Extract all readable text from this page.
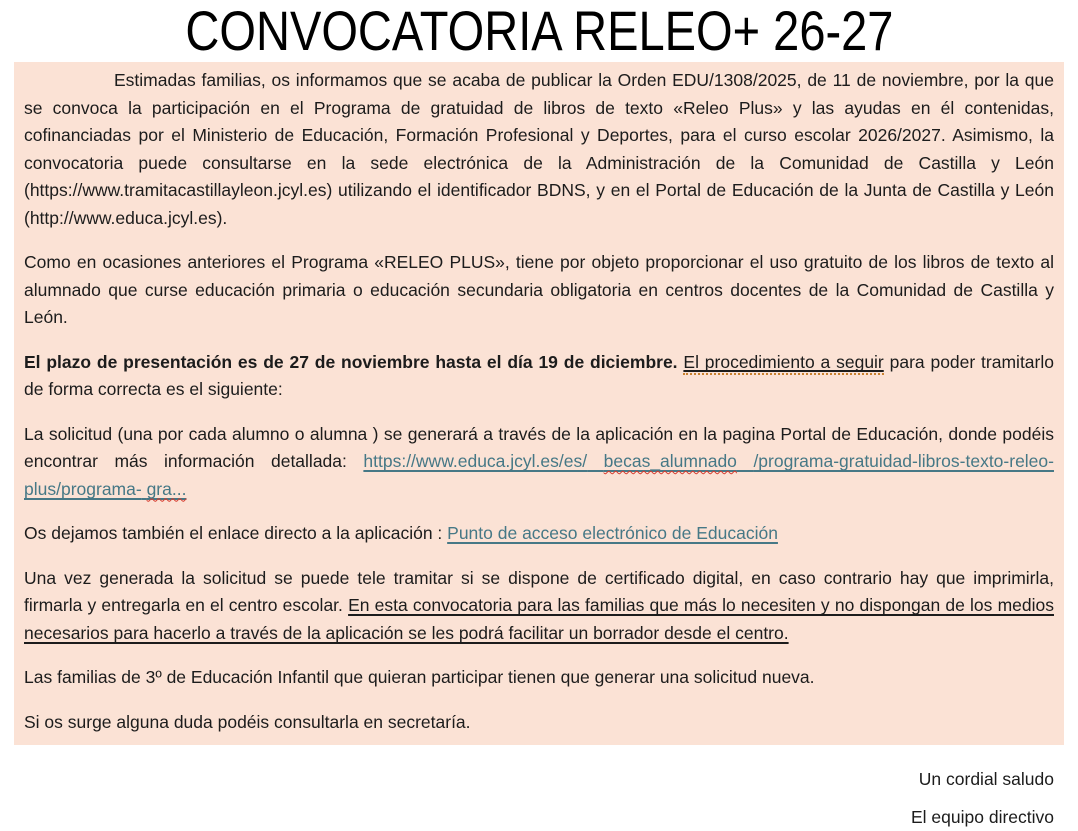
CONVOCATORIA RELEO+ 26-27

Estimadas familias, os informamos que se acaba de publicar la Orden EDU/1308/2025, de 11 de noviembre, por la que se convoca la participación en el Programa de gratuidad de libros de texto «Releo Plus» y las ayudas en él contenidas, cofinanciadas por el Ministerio de Educación, Formación Profesional y Deportes, para el curso escolar 2026/2027. Asimismo, la convocatoria puede consultarse en la sede electrónica de la Administración de la Comunidad de Castilla y León (https://www.tramitacastillayleon.jcyl.es) utilizando el identificador BDNS, y en el Portal de Educación de la Junta de Castilla y León (http://www.educa.jcyl.es).

Como en ocasiones anteriores el Programa «RELEO PLUS», tiene por objeto proporcionar el uso gratuito de los libros de texto al alumnado que curse educación primaria o educación secundaria obligatoria en centros docentes de la Comunidad de Castilla y León.

El plazo de presentación es de 27 de noviembre hasta el día 19 de diciembre. El procedimiento a seguir para poder tramitarlo de forma correcta es el siguiente:

La solicitud (una por cada alumno o alumna ) se generará a través de la aplicación en la pagina Portal de Educación, donde podéis encontrar más información detallada: https://www.educa.jcyl.es/es/ becas_alumnado /programa-gratuidad-libros-texto-releo-plus/programa- gra...

Os dejamos también el enlace directo a la aplicación : Punto de acceso electrónico de Educación

Una vez generada la solicitud se puede tele tramitar si se dispone de certificado digital, en caso contrario hay que imprimirla, firmarla y entregarla en el centro escolar. En esta convocatoria para las familias que más lo necesiten y no dispongan de los medios necesarios para hacerlo a través de la aplicación se les podrá facilitar un borrador desde el centro.

Las familias de 3º de Educación Infantil que quieran participar tienen que generar una solicitud nueva.

Si os surge alguna duda podéis consultarla en secretaría.

Un cordial saludo

El equipo directivo
